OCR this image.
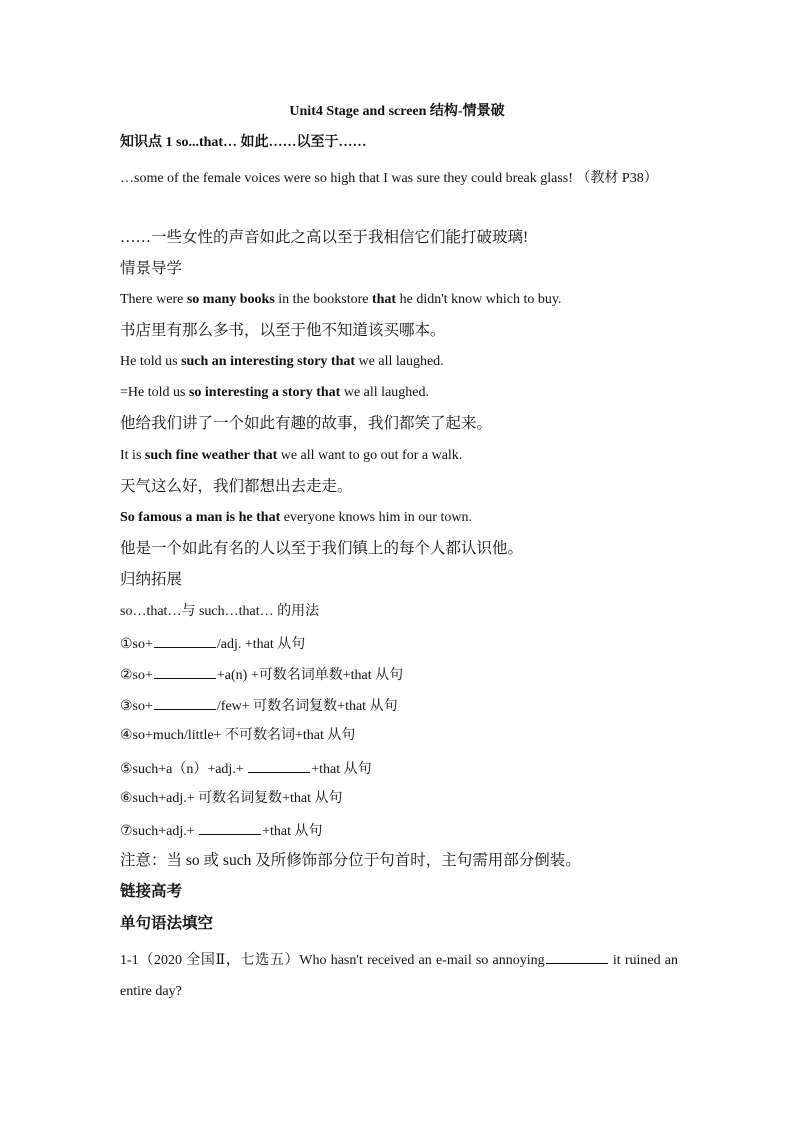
Unit4 Stage and screen 结构-情景破
知识点 1 so...that… 如此……以至于……
…some of the female voices were so high that I was sure they could break glass! （教材 P38）
……一些女性的声音如此之高以至于我相信它们能打破玻璃!
情景导学
There were so many books in the bookstore that he didn't know which to buy.
书店里有那么多书，以至于他不知道该买哪本。
He told us such an interesting story that we all laughed.
=He told us so interesting a story that we all laughed.
他给我们讲了一个如此有趣的故事，我们都笑了起来。
It is such fine weather that we all want to go out for a walk.
天气这么好，我们都想出去走走。
So famous a man is he that everyone knows him in our town.
他是一个如此有名的人以至于我们镇上的每个人都认识他。
归纳拓展
so…that…与 such…that… 的用法
①so+	/adj. +that 从句
②so+	+a(n) +可数名词单数+that 从句
③so+	/few+ 可数名词复数+that 从句
④so+much/little+ 不可数名词+that 从句
⑤such+a（n）+adj.+	+that 从句
⑥such+adj.+ 可数名词复数+that 从句
⑦such+adj.+	+that 从句
注意：当 so 或 such 及所修饰部分位于句首时，主句需用部分倒装。
链接高考
单句语法填空
1-1（2020 全国Ⅱ，七选五）Who hasn't received an e-mail so annoying	it ruined an entire day?
